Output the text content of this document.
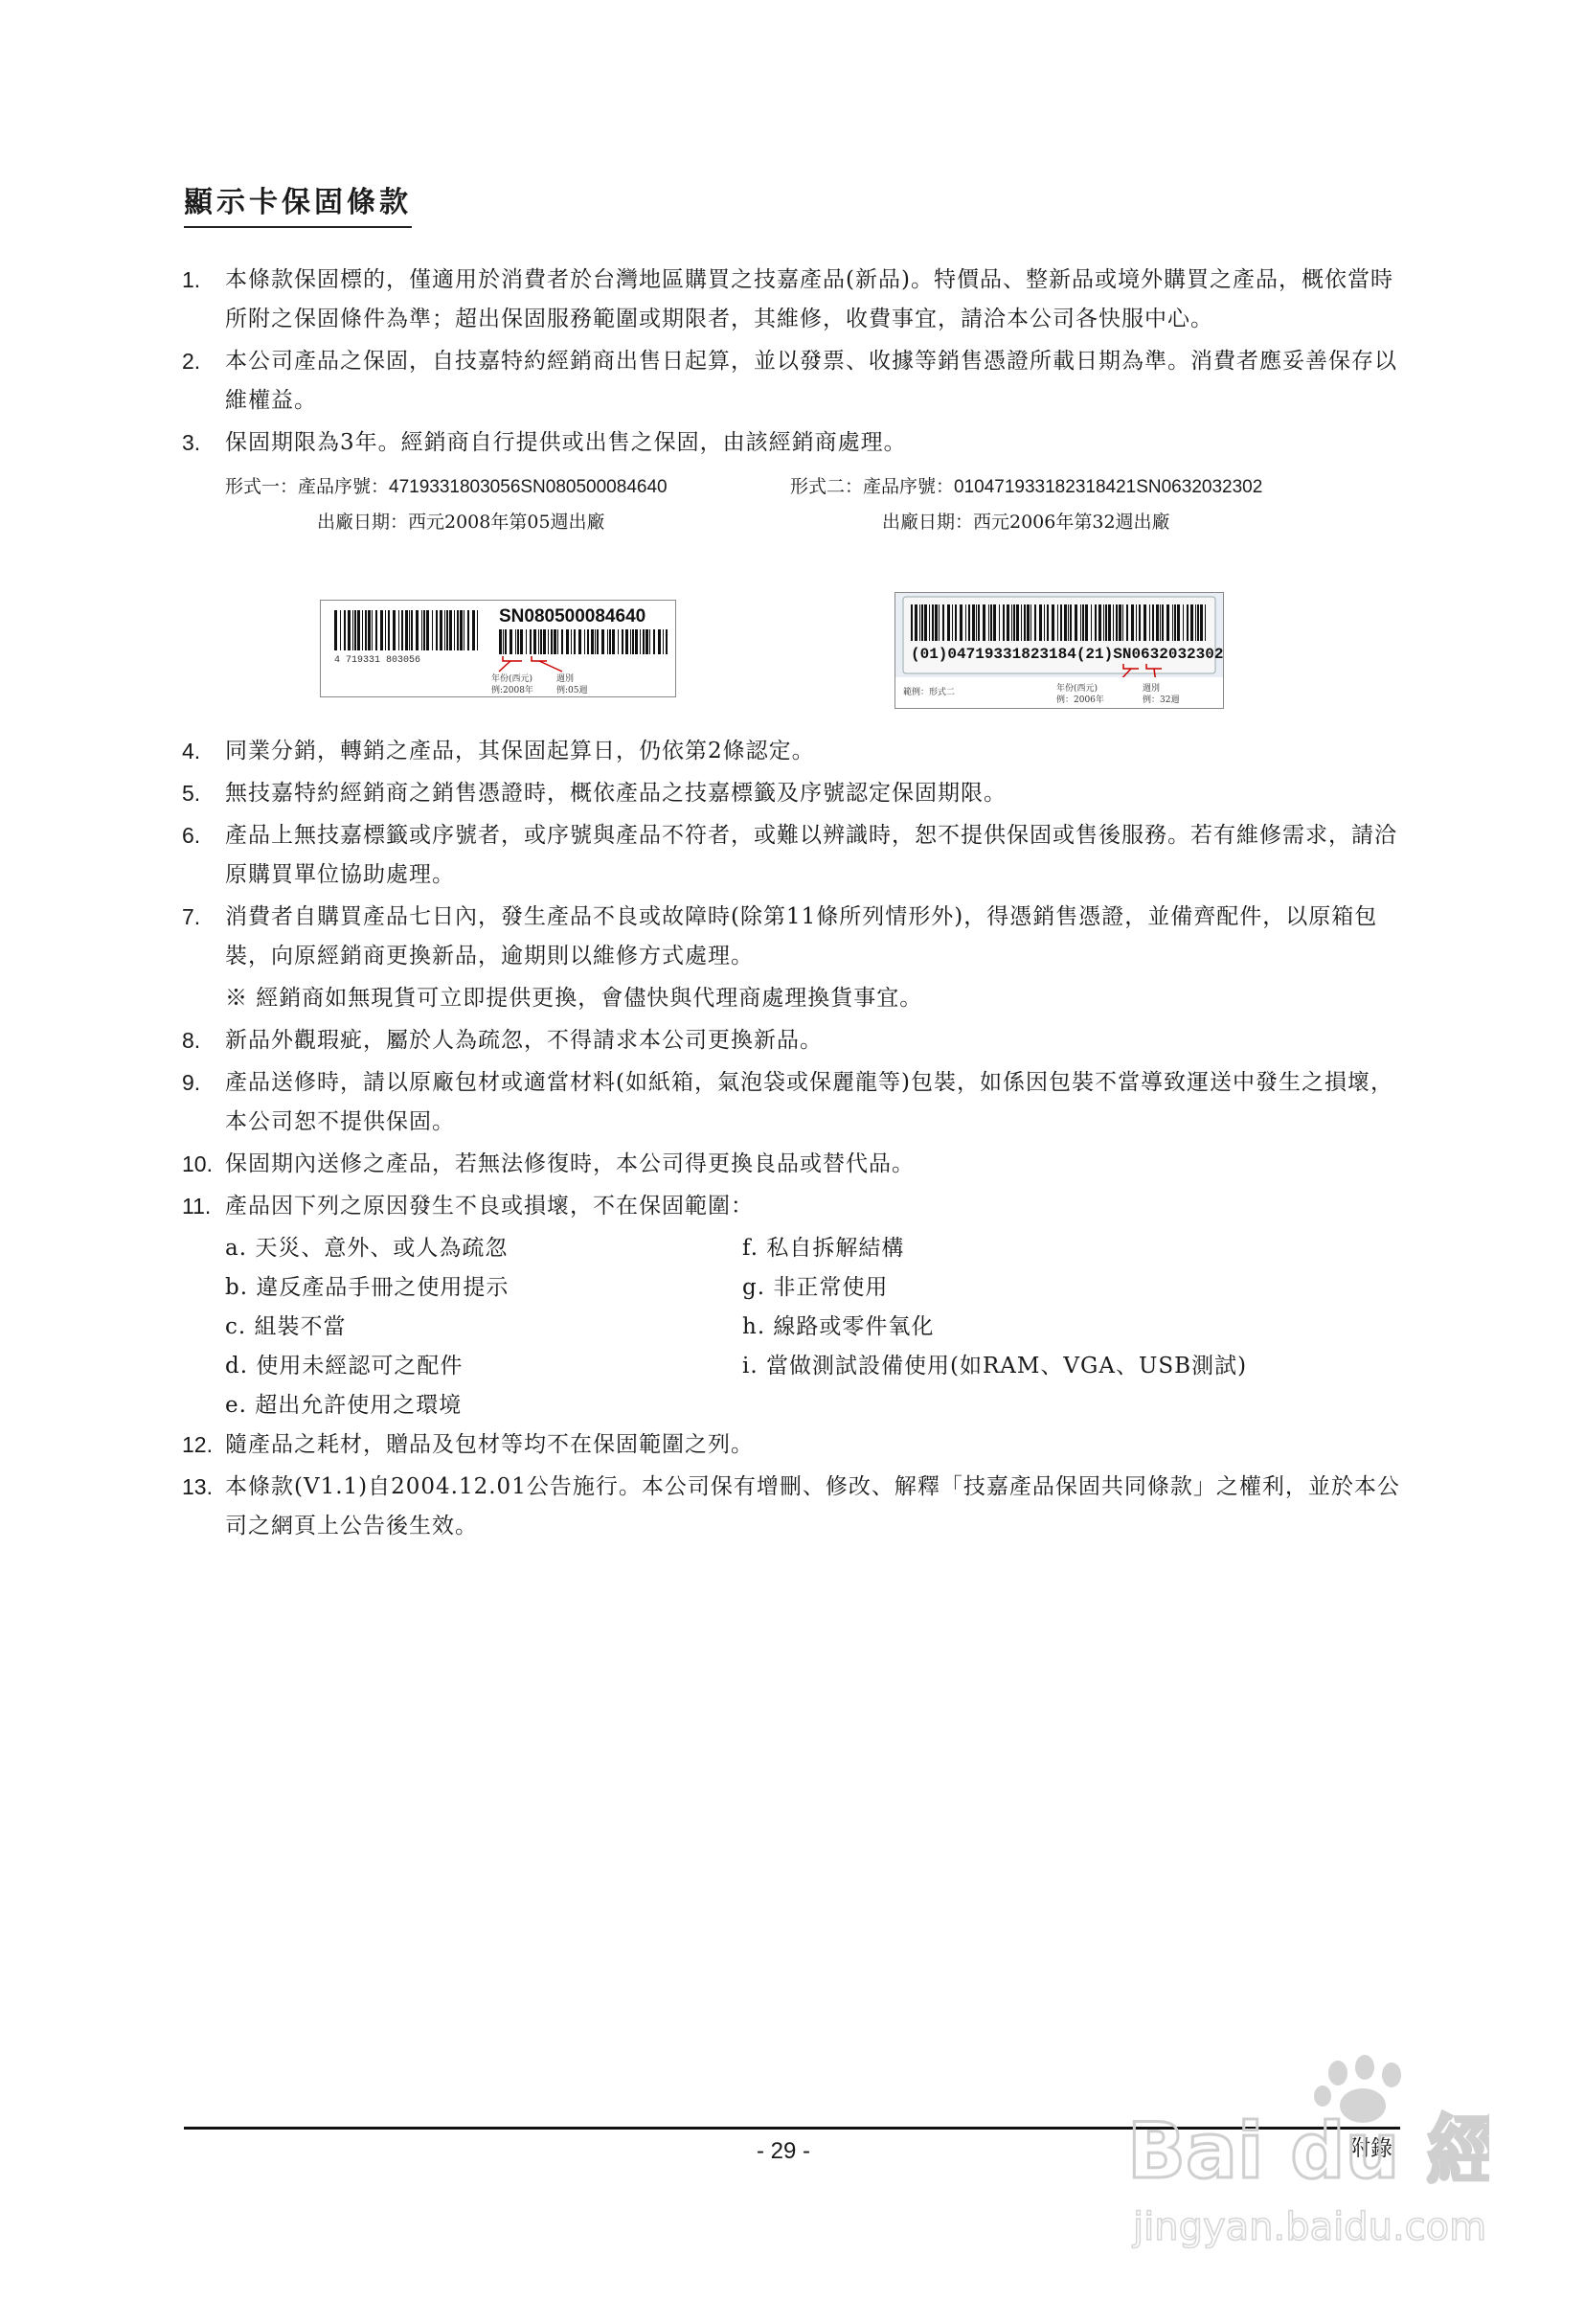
顯示卡保固條款
1. 本條款保固標的，僅適用於消費者於台灣地區購買之技嘉產品(新品)。特價品、整新品或境外購買之產品，概依當時所附之保固條件為準；超出保固服務範圍或期限者，其維修，收費事宜，請洽本公司各快服中心。
2. 本公司產品之保固，自技嘉特約經銷商出售日起算，並以發票、收據等銷售憑證所載日期為準。消費者應妥善保存以維權益。
3. 保固期限為3年。經銷商自行提供或出售之保固，由該經銷商處理。
形式一：產品序號：4719331803056SN080500084640
出廠日期：西元2008年第05週出廠
形式二：產品序號：010471933182318421SN0632032302
出廠日期：西元2006年第32週出廠
4 719331 803056
SN080500084640
年份(西元)
例:2008年
週別
例:05週
(01)04719331823184(21)SN0632032302
範例：形式二	年份(西元)
例：2006年
週別
例：32週
4. 同業分銷，轉銷之產品，其保固起算日，仍依第2條認定。
5. 無技嘉特約經銷商之銷售憑證時，概依產品之技嘉標籤及序號認定保固期限。
6. 產品上無技嘉標籤或序號者，或序號與產品不符者，或難以辨識時，恕不提供保固或售後服務。若有維修需求，請洽原購買單位協助處理。
7. 消費者自購買產品七日內，發生產品不良或故障時(除第11條所列情形外)，得憑銷售憑證，並備齊配件，以原箱包裝，向原經銷商更換新品，逾期則以維修方式處理。
※ 經銷商如無現貨可立即提供更換，會儘快與代理商處理換貨事宜。
8. 新品外觀瑕疵，屬於人為疏忽，不得請求本公司更換新品。
9. 產品送修時，請以原廠包材或適當材料(如紙箱，氣泡袋或保麗龍等)包裝，如係因包裝不當導致運送中發生之損壞，本公司恕不提供保固。
10. 保固期內送修之產品，若無法修復時，本公司得更換良品或替代品。
11. 產品因下列之原因發生不良或損壞，不在保固範圍：
a. 天災、意外、或人為疏忽	f. 私自拆解結構
b. 違反產品手冊之使用提示	g. 非正常使用
c. 組裝不當	h. 線路或零件氧化
d. 使用未經認可之配件	i. 當做測試設備使用(如RAM、VGA、USB測試)
e. 超出允許使用之環境
12. 隨產品之耗材，贈品及包材等均不在保固範圍之列。
13. 本條款(V1.1)自2004.12.01公告施行。本公司保有增刪、修改、解釋「技嘉產品保固共同條款」之權利，並於本公司之網頁上公告後生效。
- 29 -	附錄
Bai du 經
jingyan.baidu.com
